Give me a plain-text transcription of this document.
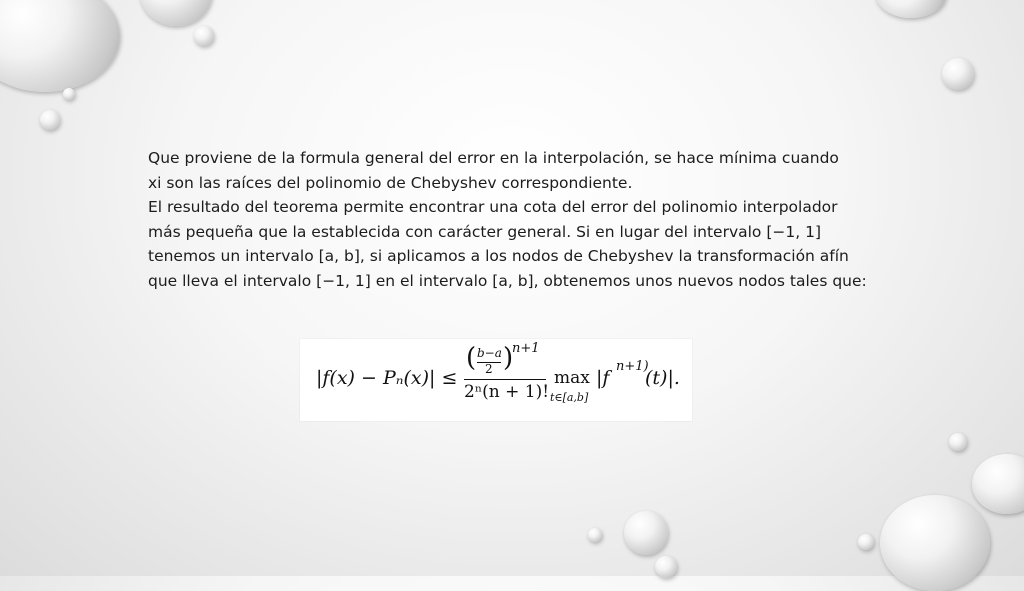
Que proviene de la formula general del error en la interpolación, se hace mínima cuando

xi son las raíces del polinomio de Chebyshev correspondiente.

El resultado del teorema permite encontrar una cota del error del polinomio interpolador

más pequeña que la establecida con carácter general. Si en lugar del intervalo [−1, 1]

tenemos un intervalo [a, b], si aplicamos a los nodos de Chebyshev la transformación afín

que lleva el intervalo [−1, 1] en el intervalo [a, b], obtenemos unos nuevos nodos tales que:

|f(x) − Pₙ(x)| ≤
( b−a
2 )
n+1
2ⁿ(n + 1)!
max
t∈[a,b]
|f
n+1)
(t)|.
